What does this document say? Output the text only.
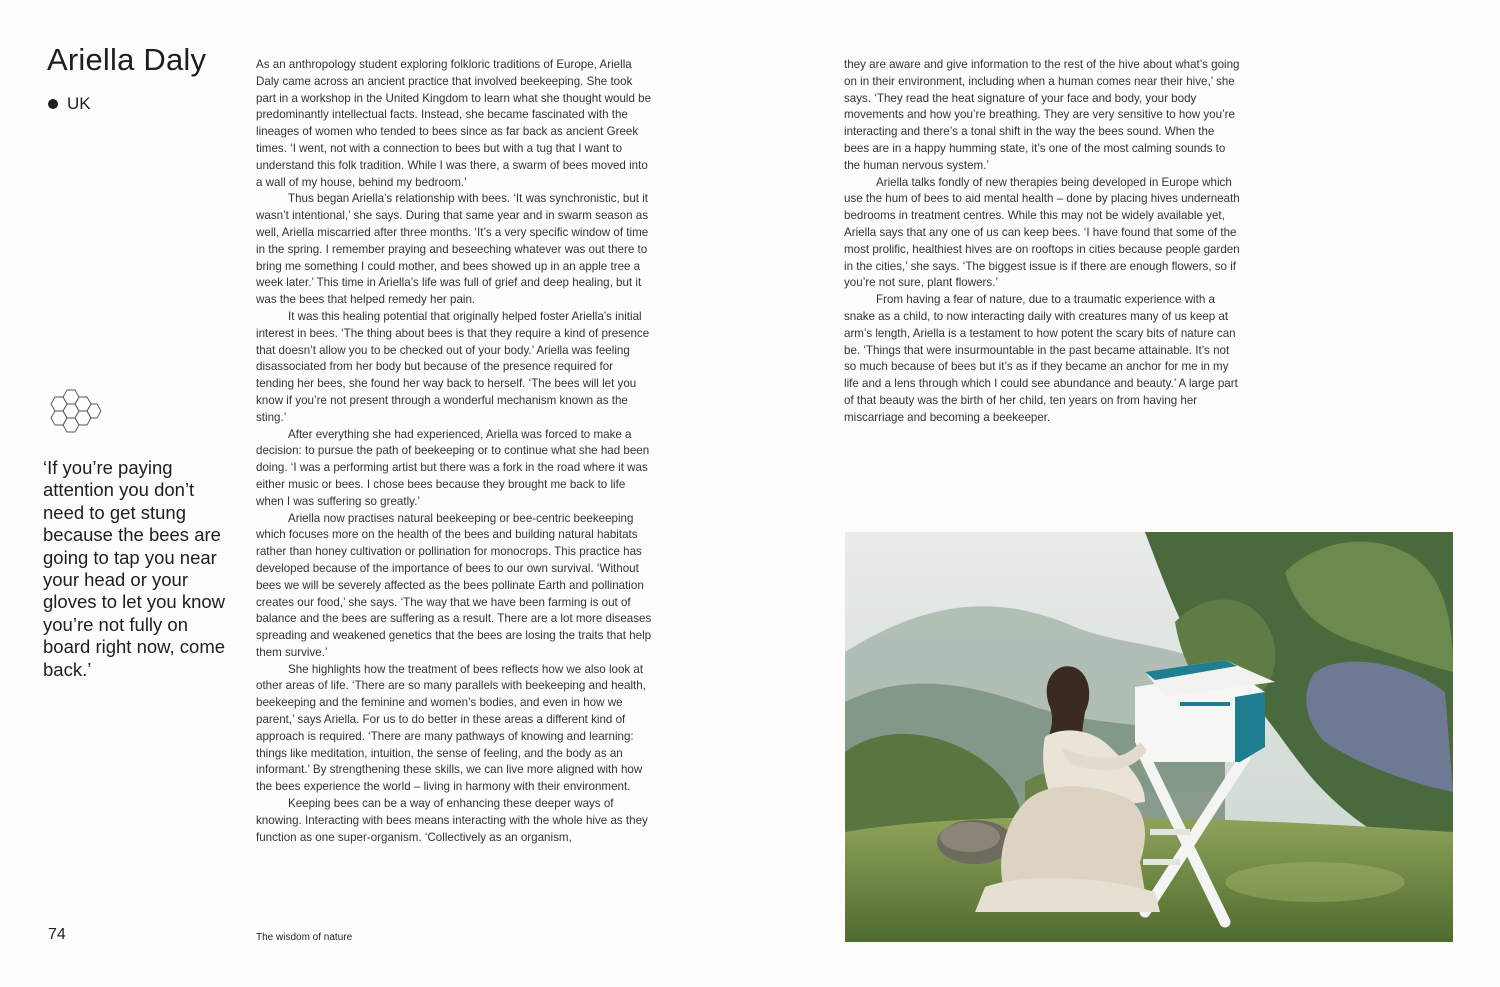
Ariella Daly
UK

‘If you’re paying attention you don’t need to get stung because the bees are going to tap you near your head or your gloves to let you know you’re not fully on board right now, come back.’

As an anthropology student exploring folkloric traditions of Europe, Ariella Daly came across an ancient practice that involved beekeeping. She took part in a workshop in the United Kingdom to learn what she thought would be predominantly intellectual facts. Instead, she became fascinated with the lineages of women who tended to bees since as far back as ancient Greek times. ‘I went, not with a connection to bees but with a tug that I want to understand this folk tradition. While I was there, a swarm of bees moved into a wall of my house, behind my bedroom.’

Thus began Ariella’s relationship with bees. ‘It was synchronistic, but it wasn’t intentional,’ she says. During that same year and in swarm season as well, Ariella miscarried after three months. ‘It’s a very specific window of time in the spring. I remember praying and beseeching whatever was out there to bring me something I could mother, and bees showed up in an apple tree a week later.’ This time in Ariella’s life was full of grief and deep healing, but it was the bees that helped remedy her pain.

It was this healing potential that originally helped foster Ariella’s initial interest in bees. ‘The thing about bees is that they require a kind of presence that doesn’t allow you to be checked out of your body.’ Ariella was feeling disassociated from her body but because of the presence required for tending her bees, she found her way back to herself. ‘The bees will let you know if you’re not present through a wonderful mechanism known as the sting.’

After everything she had experienced, Ariella was forced to make a decision: to pursue the path of beekeeping or to continue what she had been doing. ‘I was a performing artist but there was a fork in the road where it was either music or bees. I chose bees because they brought me back to life when I was suffering so greatly.’

Ariella now practises natural beekeeping or bee-centric beekeeping which focuses more on the health of the bees and building natural habitats rather than honey cultivation or pollination for monocrops. This practice has developed because of the importance of bees to our own survival. ‘Without bees we will be severely affected as the bees pollinate Earth and pollination creates our food,’ she says. ‘The way that we have been farming is out of balance and the bees are suffering as a result. There are a lot more diseases spreading and weakened genetics that the bees are losing the traits that help them survive.’

She highlights how the treatment of bees reflects how we also look at other areas of life. ‘There are so many parallels with beekeeping and health, beekeeping and the feminine and women’s bodies, and even in how we parent,’ says Ariella. For us to do better in these areas a different kind of approach is required. ‘There are many pathways of knowing and learning: things like meditation, intuition, the sense of feeling, and the body as an informant.’ By strengthening these skills, we can live more aligned with how the bees experience the world – living in harmony with their environment.

Keeping bees can be a way of enhancing these deeper ways of knowing. Interacting with bees means interacting with the whole hive as they function as one super-organism. ‘Collectively as an organism,

74	The wisdom of nature

they are aware and give information to the rest of the hive about what’s going on in their environment, including when a human comes near their hive,’ she says. ‘They read the heat signature of your face and body, your body movements and how you’re breathing. They are very sensitive to how you’re interacting and there’s a tonal shift in the way the bees sound. When the bees are in a happy humming state, it’s one of the most calming sounds to the human nervous system.’

Ariella talks fondly of new therapies being developed in Europe which use the hum of bees to aid mental health – done by placing hives underneath bedrooms in treatment centres. While this may not be widely available yet, Ariella says that any one of us can keep bees. ‘I have found that some of the most prolific, healthiest hives are on rooftops in cities because people garden in the cities,’ she says. ‘The biggest issue is if there are enough flowers, so if you’re not sure, plant flowers.’

From having a fear of nature, due to a traumatic experience with a snake as a child, to now interacting daily with creatures many of us keep at arm’s length, Ariella is a testament to how potent the scary bits of nature can be. ‘Things that were insurmountable in the past became attainable. It’s not so much because of bees but it’s as if they became an anchor for me in my life and a lens through which I could see abundance and beauty.’ A large part of that beauty was the birth of her child, ten years on from having her miscarriage and becoming a beekeeper.
